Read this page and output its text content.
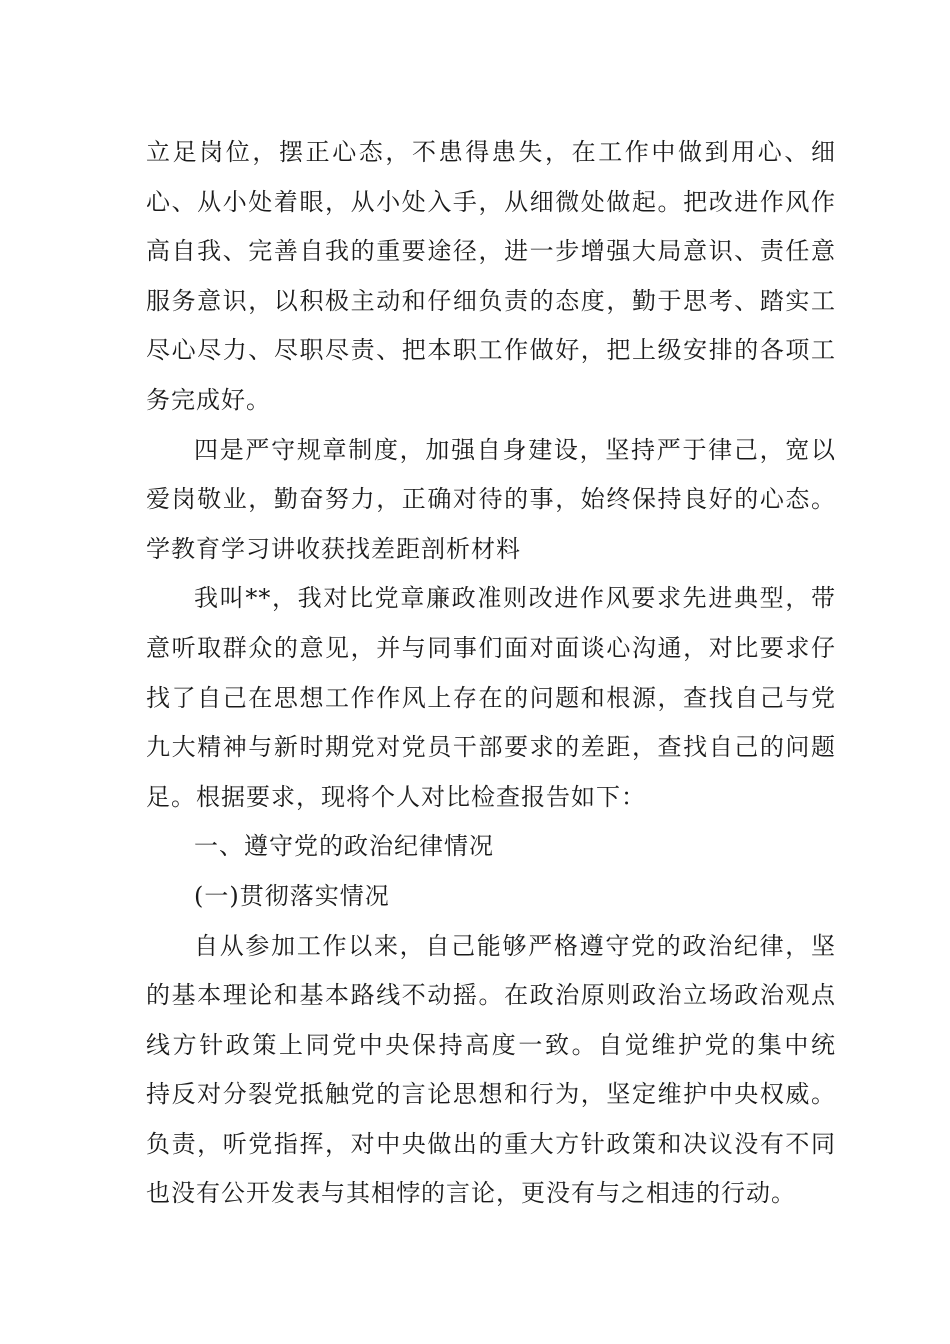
立足岗位，摆正心态，不患得患失，在工作中做到用心、细
心、从小处着眼，从小处入手，从细微处做起。把改进作风作
高自我、完善自我的重要途径，进一步增强大局意识、责任意
服务意识，以积极主动和仔细负责的态度，勤于思考、踏实工
尽心尽力、尽职尽责、把本职工作做好，把上级安排的各项工
务完成好。
四是严守规章制度，加强自身建设，坚持严于律己，宽以
爱岗敬业，勤奋努力，正确对待的事，始终保持良好的心态。
学教育学习讲收获找差距剖析材料
我叫**，我对比党章廉政准则改进作风要求先进典型，带
意听取群众的意见，并与同事们面对面谈心沟通，对比要求仔
找了自己在思想工作作风上存在的问题和根源，查找自己与党
九大精神与新时期党对党员干部要求的差距，查找自己的问题
足。根据要求，现将个人对比检查报告如下：
一、遵守党的政治纪律情况
(一)贯彻落实情况
自从参加工作以来，自己能够严格遵守党的政治纪律，坚
的基本理论和基本路线不动摇。在政治原则政治立场政治观点
线方针政策上同党中央保持高度一致。自觉维护党的集中统
持反对分裂党抵触党的言论思想和行为，坚定维护中央权威。
负责，听党指挥，对中央做出的重大方针政策和决议没有不同
也没有公开发表与其相悖的言论，更没有与之相违的行动。
